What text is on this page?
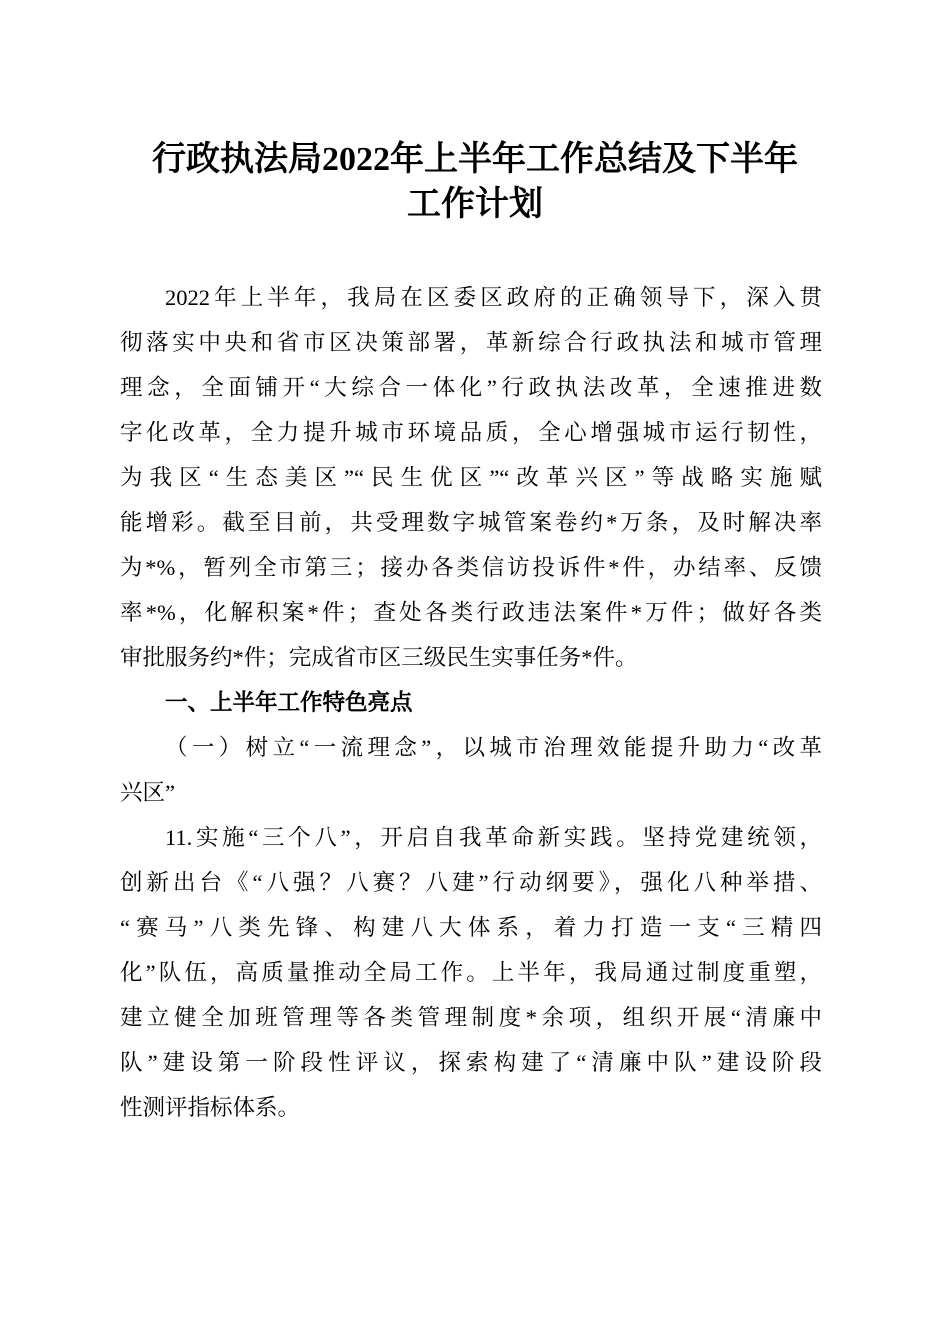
行政执法局2022年上半年工作总结及下半年
工作计划
2022年上半年，我局在区委区政府的正确领导下，深入贯
彻落实中央和省市区决策部署，革新综合行政执法和城市管理
理念，全面铺开“大综合一体化”行政执法改革，全速推进数
字化改革，全力提升城市环境品质，全心增强城市运行韧性，
为我区“生态美区”“民生优区”“改革兴区”等战略实施赋
能增彩。截至目前，共受理数字城管案卷约*万条，及时解决率
为*%，暂列全市第三；接办各类信访投诉件*件，办结率、反馈
率*%，化解积案*件；查处各类行政违法案件*万件；做好各类
审批服务约*件；完成省市区三级民生实事任务*件。
一、上半年工作特色亮点
（一）树立“一流理念”，以城市治理效能提升助力“改革
兴区”
11.实施“三个八”，开启自我革命新实践。坚持党建统领，
创新出台《“八强？八赛？八建”行动纲要》，强化八种举措、
“赛马”八类先锋、构建八大体系，着力打造一支“三精四
化”队伍，高质量推动全局工作。上半年，我局通过制度重塑，
建立健全加班管理等各类管理制度*余项，组织开展“清廉中
队”建设第一阶段性评议，探索构建了“清廉中队”建设阶段
性测评指标体系。
